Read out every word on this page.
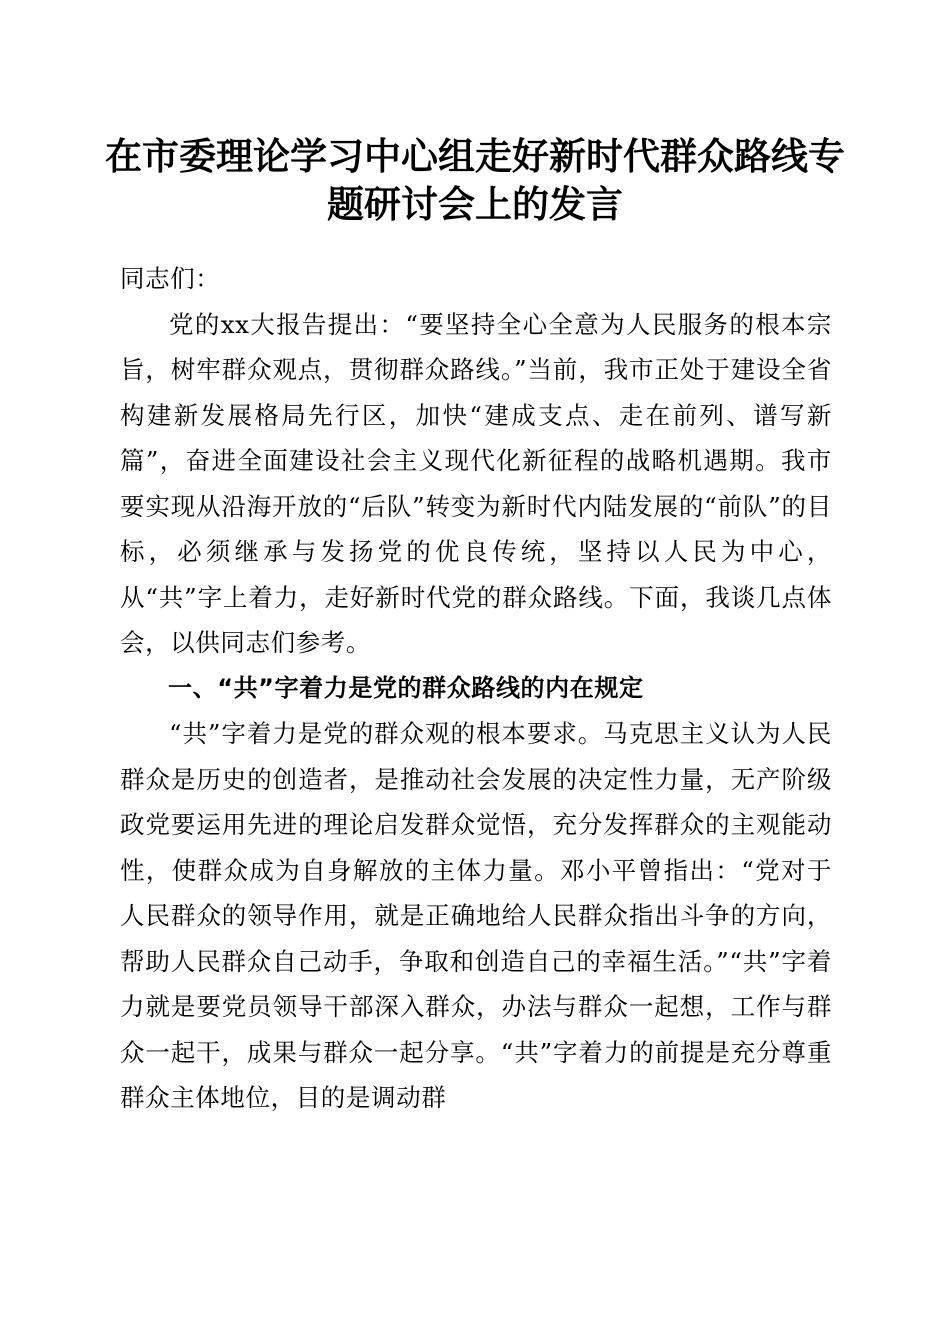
在市委理论学习中心组走好新时代群众路线专
题研讨会上的发言

同志们：

党的xx大报告提出：“要坚持全心全意为人民服务的根本宗旨，树牢群众观点，贯彻群众路线。”当前，我市正处于建设全省构建新发展格局先行区，加快“建成支点、走在前列、谱写新篇”，奋进全面建设社会主义现代化新征程的战略机遇期。我市要实现从沿海开放的“后队”转变为新时代内陆发展的“前队”的目标，必须继承与发扬党的优良传统，坚持以人民为中心，从“共”字上着力，走好新时代党的群众路线。下面，我谈几点体会，以供同志们参考。

一、“共”字着力是党的群众路线的内在规定

“共”字着力是党的群众观的根本要求。马克思主义认为人民群众是历史的创造者，是推动社会发展的决定性力量，无产阶级政党要运用先进的理论启发群众觉悟，充分发挥群众的主观能动性，使群众成为自身解放的主体力量。邓小平曾指出：“党对于人民群众的领导作用，就是正确地给人民群众指出斗争的方向，帮助人民群众自己动手，争取和创造自己的幸福生活。”“共”字着力就是要党员领导干部深入群众，办法与群众一起想，工作与群众一起干，成果与群众一起分享。“共”字着力的前提是充分尊重群众主体地位，目的是调动群
